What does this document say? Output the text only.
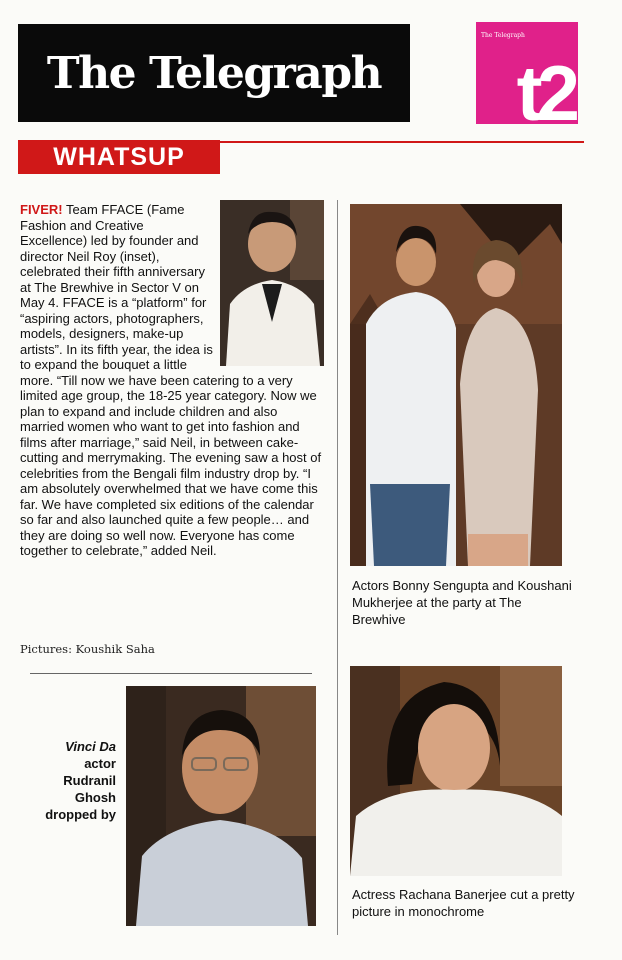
The Telegraph
The Telegraph
t2
WHATSUP

FIVER! Team FFACE (Fame Fashion and Creative Excellence) led by founder and director Neil Roy (inset), celebrated their fifth anniversary at The Brewhive in Sector V on May 4. FFACE is a “platform” for “aspiring actors, photographers, models, designers, make-up artists”. In its fifth year, the idea is to expand the bouquet a little more. “Till now we have been catering to a very limited age group, the 18-25 year category. Now we plan to expand and include children and also married women who want to get into fashion and films after marriage,” said Neil, in between cake-cutting and merrymaking. The evening saw a host of celebrities from the Bengali film industry drop by. “I am absolutely overwhelmed that we have come this far. We have completed six editions of the calendar so far and also launched quite a few people… and they are doing so well now. Everyone has come together to celebrate,” added Neil.

Pictures: Koushik Saha
Actors Bonny Sengupta and Koushani Mukherjee at the party at The Brewhive
Vinci Da
actor Rudranil Ghosh dropped by
Actress Rachana Banerjee cut a pretty picture in monochrome
